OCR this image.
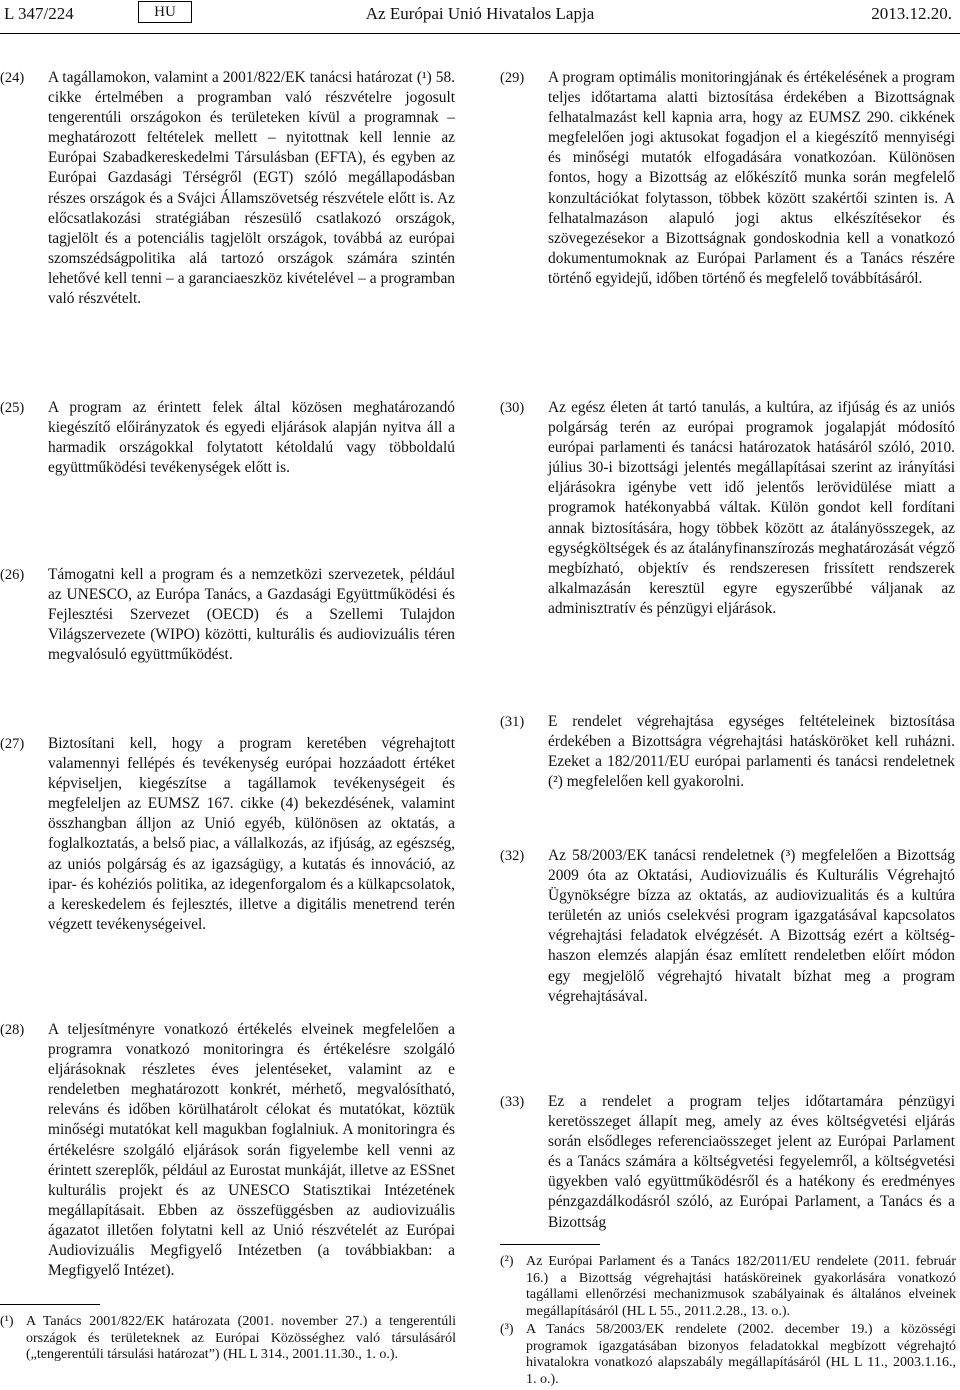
L 347/224	HU	Az Európai Unió Hivatalos Lapja	2013.12.20.
(24) A tagállamokon, valamint a 2001/822/EK tanácsi határozat (¹) 58. cikke értelmében a programban való részvételre jogosult tengerentúli országokon és területeken kívül a programnak – meghatározott feltételek mellett – nyitottnak kell lennie az Európai Szabadkereskedelmi Társulásban (EFTA), és egyben az Európai Gazdasági Térségről (EGT) szóló megállapodásban részes országok és a Svájci Államszövetség részvétele előtt is. Az előcsatlakozási stratégiában részesülő csatlakozó országok, tagjelölt és a potenciális tagjelölt országok, továbbá az európai szomszédságpolitika alá tartozó országok számára szintén lehetővé kell tenni – a garanciaeszköz kivételével – a programban való részvételt.
(25) A program az érintett felek által közösen meghatározandó kiegészítő előirányzatok és egyedi eljárások alapján nyitva áll a harmadik országokkal folytatott kétoldalú vagy többoldalú együttműködési tevékenységek előtt is.
(26) Támogatni kell a program és a nemzetközi szervezetek, például az UNESCO, az Európa Tanács, a Gazdasági Együttműködési és Fejlesztési Szervezet (OECD) és a Szellemi Tulajdon Világszervezete (WIPO) közötti, kulturális és audiovizuális téren megvalósuló együttműködést.
(27) Biztosítani kell, hogy a program keretében végrehajtott valamennyi fellépés és tevékenység európai hozzáadott értéket képviseljen, kiegészítse a tagállamok tevékenységeit és megfeleljen az EUMSZ 167. cikke (4) bekezdésének, valamint összhangban álljon az Unió egyéb, különösen az oktatás, a foglalkoztatás, a belső piac, a vállalkozás, az ifjúság, az egészség, az uniós polgárság és az igazságügy, a kutatás és innováció, az ipar- és kohéziós politika, az idegenforgalom és a külkapcsolatok, a kereskedelem és fejlesztés, illetve a digitális menetrend terén végzett tevékenységeivel.
(28) A teljesítményre vonatkozó értékelés elveinek megfelelően a programra vonatkozó monitoringra és értékelésre szolgáló eljárásoknak részletes éves jelentéseket, valamint az e rendeletben meghatározott konkrét, mérhető, megvalósítható, releváns és időben körülhatárolt célokat és mutatókat, köztük minőségi mutatókat kell magukban foglalniuk. A monitoringra és értékelésre szolgáló eljárások során figyelembe kell venni az érintett szereplők, például az Eurostat munkáját, illetve az ESSnet kulturális projekt és az UNESCO Statisztikai Intézetének megállapításait. Ebben az összefüggésben az audiovizuális ágazatot illetően folytatni kell az Unió részvételét az Európai Audiovizuális Megfigyelő Intézetben (a továbbiakban: a Megfigyelő Intézet).
(¹) A Tanács 2001/822/EK határozata (2001. november 27.) a tengerentúli országok és területeknek az Európai Közösséghez való társulásáról („tengerentúli társulási határozat”) (HL L 314., 2001.11.30., 1. o.).
(29) A program optimális monitoringjának és értékelésének a program teljes időtartama alatti biztosítása érdekében a Bizottságnak felhatalmazást kell kapnia arra, hogy az EUMSZ 290. cikkének megfelelően jogi aktusokat fogadjon el a kiegészítő mennyiségi és minőségi mutatók elfogadására vonatkozóan. Különösen fontos, hogy a Bizottság az előkészítő munka során megfelelő konzultációkat folytasson, többek között szakértői szinten is. A felhatalmazáson alapuló jogi aktus elkészítésekor és szövegezésekor a Bizottságnak gondoskodnia kell a vonatkozó dokumentumoknak az Európai Parlament és a Tanács részére történő egyidejű, időben történő és megfelelő továbbításáról.
(30) Az egész életen át tartó tanulás, a kultúra, az ifjúság és az uniós polgárság terén az európai programok jogalapját módosító európai parlamenti és tanácsi határozatok hatásáról szóló, 2010. július 30-i bizottsági jelentés megállapításai szerint az irányítási eljárásokra igénybe vett idő jelentős lerövidülése miatt a programok hatékonyabbá váltak. Külön gondot kell fordítani annak biztosítására, hogy többek között az átalányösszegek, az egységköltségek és az átalányfinanszírozás meghatározását végző megbízható, objektív és rendszeresen frissített rendszerek alkalmazásán keresztül egyre egyszerűbbé váljanak az adminisztratív és pénzügyi eljárások.
(31) E rendelet végrehajtása egységes feltételeinek biztosítása érdekében a Bizottságra végrehajtási hatásköröket kell ruházni. Ezeket a 182/2011/EU európai parlamenti és tanácsi rendeletnek (²) megfelelően kell gyakorolni.
(32) Az 58/2003/EK tanácsi rendeletnek (³) megfelelően a Bizottság 2009 óta az Oktatási, Audiovizuális és Kulturális Végrehajtó Ügynökségre bízza az oktatás, az audiovizualitás és a kultúra területén az uniós cselekvési program igazgatásával kapcsolatos végrehajtási feladatok elvégzését. A Bizottság ezért a költség-haszon elemzés alapján ésaz említett rendeletben előírt módon egy megjelölő végrehajtó hivatalt bízhat meg a program végrehajtásával.
(33) Ez a rendelet a program teljes időtartamára pénzügyi keretösszeget állapít meg, amely az éves költségvetési eljárás során elsődleges referenciaösszeget jelent az Európai Parlament és a Tanács számára a költségvetési fegyelemről, a költségvetési ügyekben való együttműködésről és a hatékony és eredményes pénzgazdálkodásról szóló, az Európai Parlament, a Tanács és a Bizottság
(²) Az Európai Parlament és a Tanács 182/2011/EU rendelete (2011. február 16.) a Bizottság végrehajtási hatásköreinek gyakorlására vonatkozó tagállami ellenőrzési mechanizmusok szabályainak és általános elveinek megállapításáról (HL L 55., 2011.2.28., 13. o.).
(³) A Tanács 58/2003/EK rendelete (2002. december 19.) a közösségi programok igazgatásában bizonyos feladatokkal megbízott végrehajtó hivatalokra vonatkozó alapszabály megállapításáról (HL L 11., 2003.1.16., 1. o.).
